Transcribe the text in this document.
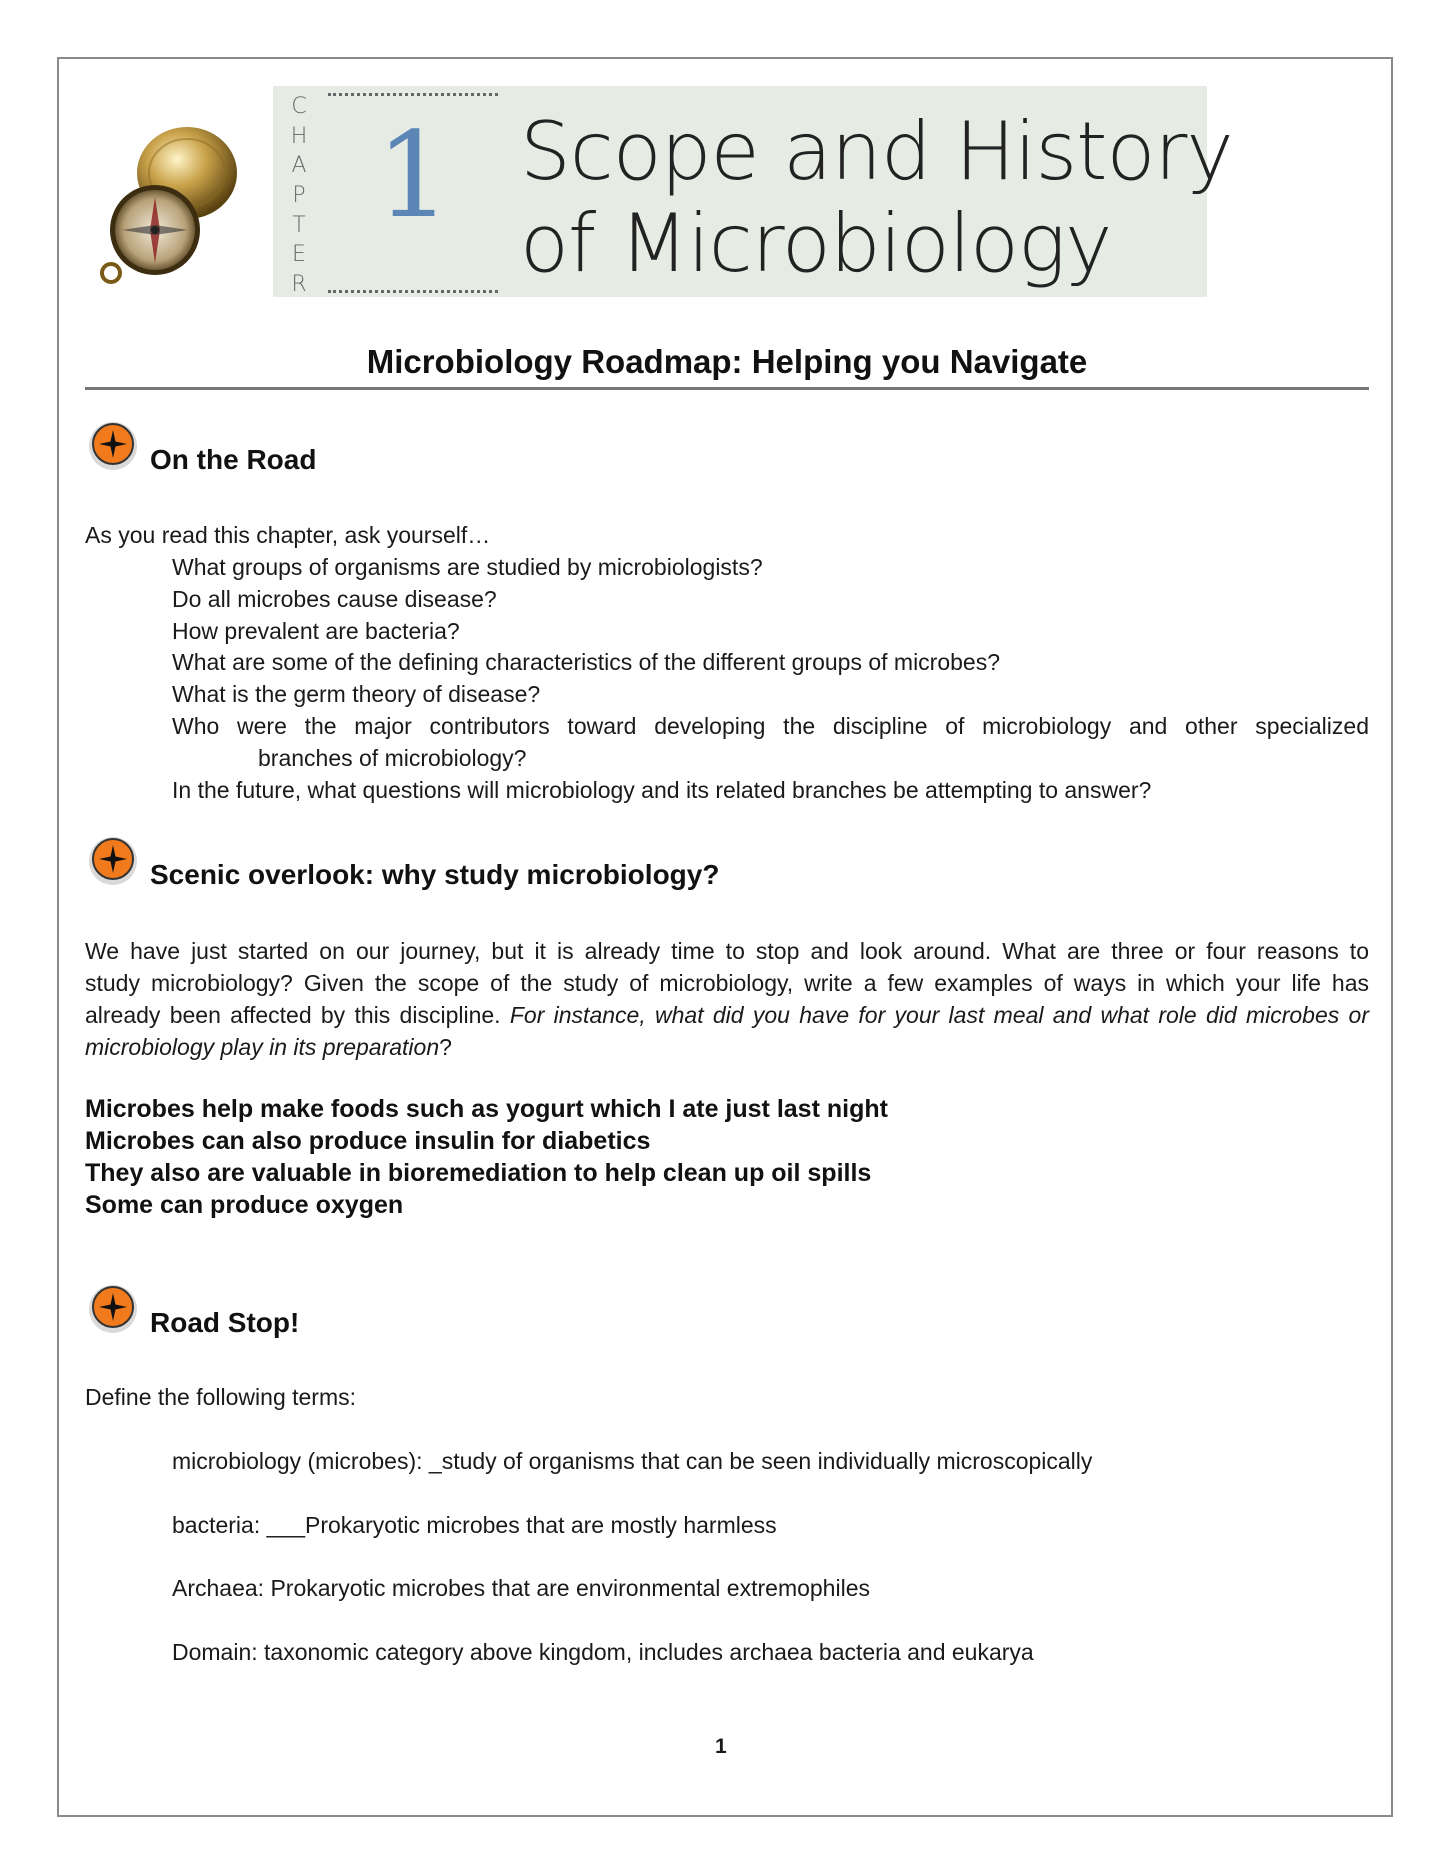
C
H
A
P
T
E
R
1 Scope and History
of Microbiology
Microbiology Roadmap: Helping you Navigate
On the Road
As you read this chapter, ask yourself…
What groups of organisms are studied by microbiologists?
Do all microbes cause disease?
How prevalent are bacteria?
What are some of the defining characteristics of the different groups of microbes?
What is the germ theory of disease?
Who were the major contributors toward developing the discipline of microbiology and other specialized
branches of microbiology?
In the future, what questions will microbiology and its related branches be attempting to answer?
Scenic overlook: why study microbiology?
We have just started on our journey, but it is already time to stop and look around. What are three or four reasons to
study microbiology? Given the scope of the study of microbiology, write a few examples of ways in which your life has
already been affected by this discipline. For instance, what did you have for your last meal and what role did microbes or
microbiology play in its preparation?
Microbes help make foods such as yogurt which I ate just last night
Microbes can also produce insulin for diabetics
They also are valuable in bioremediation to help clean up oil spills
Some can produce oxygen
Road Stop!
Define the following terms:
microbiology (microbes): _study of organisms that can be seen individually microscopically
bacteria: ___Prokaryotic microbes that are mostly harmless
Archaea: Prokaryotic microbes that are environmental extremophiles
Domain: taxonomic category above kingdom, includes archaea bacteria and eukarya
1
